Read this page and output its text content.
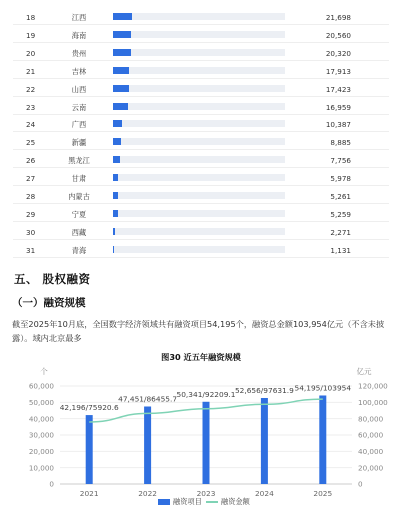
18	江西	21,698
19	海南	20,560
20	贵州	20,320
21	吉林	17,913
22	山西	17,423
23	云南	16,959
24	广西	10,387
25	新疆	8,885
26	黑龙江	7,756
27	甘肃	5,978
28	内蒙古	5,261
29	宁夏	5,259
30	西藏	2,271
31	青海	1,131
五、 股权融资
（一）融资规模
截至2025年10月底，全国数字经济领域共有融资项目54,195个，融资总金额103,954亿元（不含未披露）。域内北京最多
图30 近五年融资规模
个	亿元
0
10,000
20,000
30,000
40,000
50,000
60,000
0
20,000
40,000
60,000
80,000
100,000
120,000
42,196/75920.6
47,451/86455.7
50,341/92209.1 52,656/97631.9 54,195/103954
2021	2022	2023	2024	2025
融资项目	融资金额
